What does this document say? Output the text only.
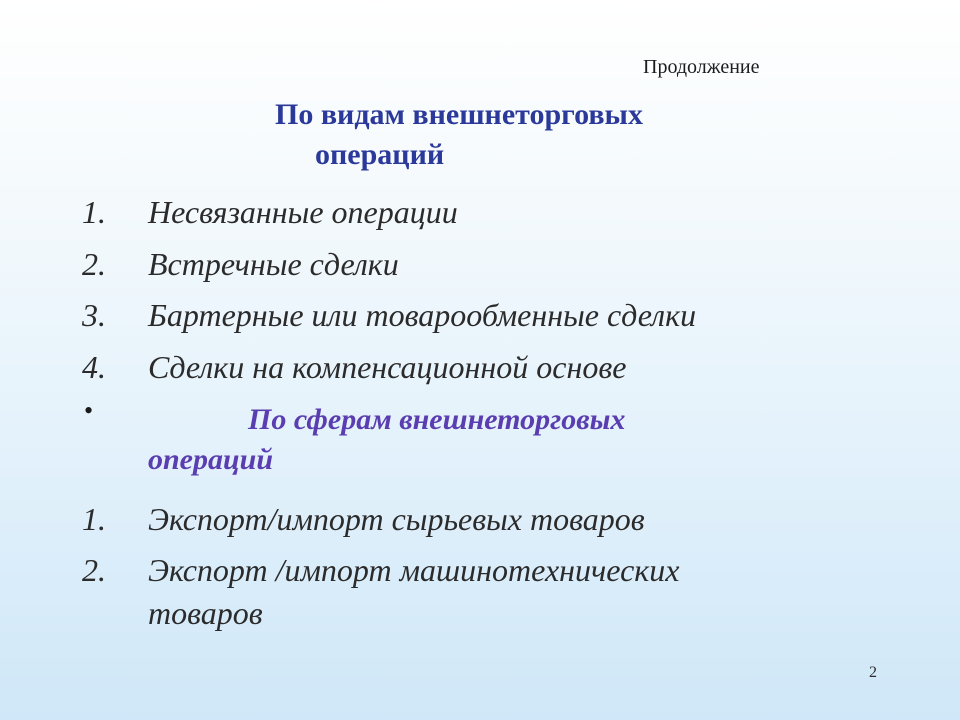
Продолжение
По видам внешнеторговых
операций
1. Несвязанные операции
2. Встречные сделки
3. Бартерные или товарообменные сделки
4. Сделки на компенсационной основе
•	По сферам внешнеторговых
операций
1. Экспорт/импорт сырьевых товаров
2. Экспорт /импорт машинотехнических
товаров
2
